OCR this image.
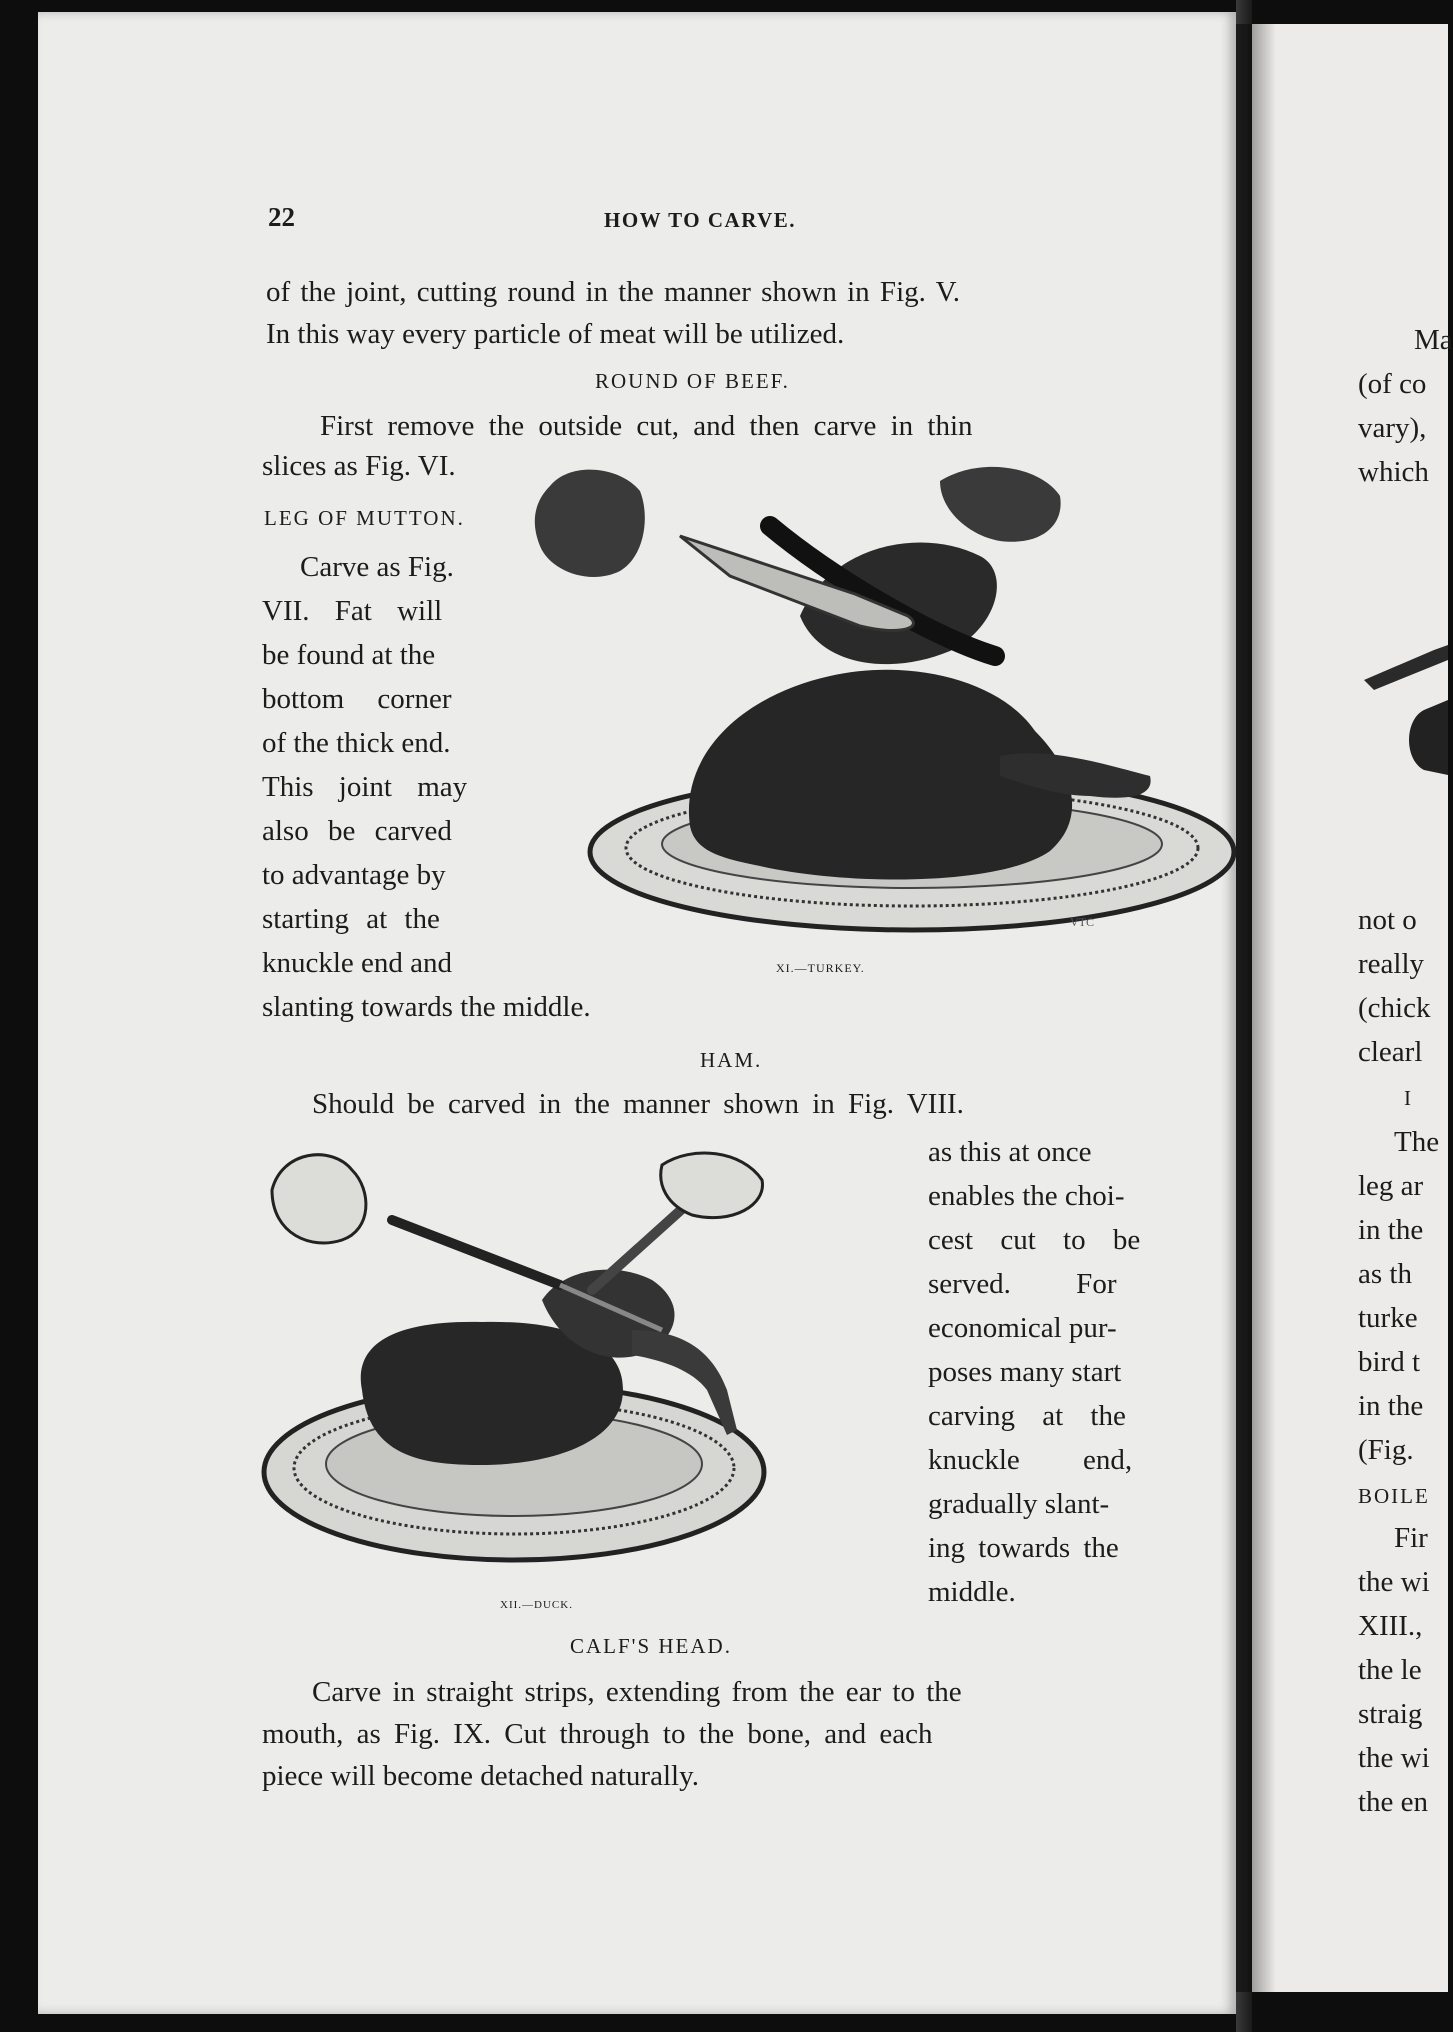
22	HOW TO CARVE.
of the joint, cutting round in the manner shown in Fig. V.
In this way every particle of meat will be utilized.
ROUND OF BEEF.
First remove the outside cut, and then carve in thin
slices as Fig. VI.
LEG OF MUTTON.
Carve as Fig.
VII. Fat will
be found at the
bottom corner
of the thick end.
This joint may
also be carved
to advantage by
starting at the
knuckle end and
slanting towards the middle.
VTC
XI.—TURKEY.
HAM.
Should be carved in the manner shown in Fig. VIII.
as this at once
enables the choi-
cest cut to be
served. For
economical pur-
poses many start
carving at the
knuckle end,
gradually slant-
ing towards the
middle.
XII.—DUCK.
CALF'S HEAD.
Carve in straight strips, extending from the ear to the
mouth, as Fig. IX. Cut through to the bone, and each
piece will become detached naturally.
Ma
(of co
vary),
which
not o
really
(chick
clearl
I
The
leg ar
in the
as th
turke
bird t
in the
(Fig.
BOILE
Fir
the wi
XIII.,
the le
straig
the wi
the en
